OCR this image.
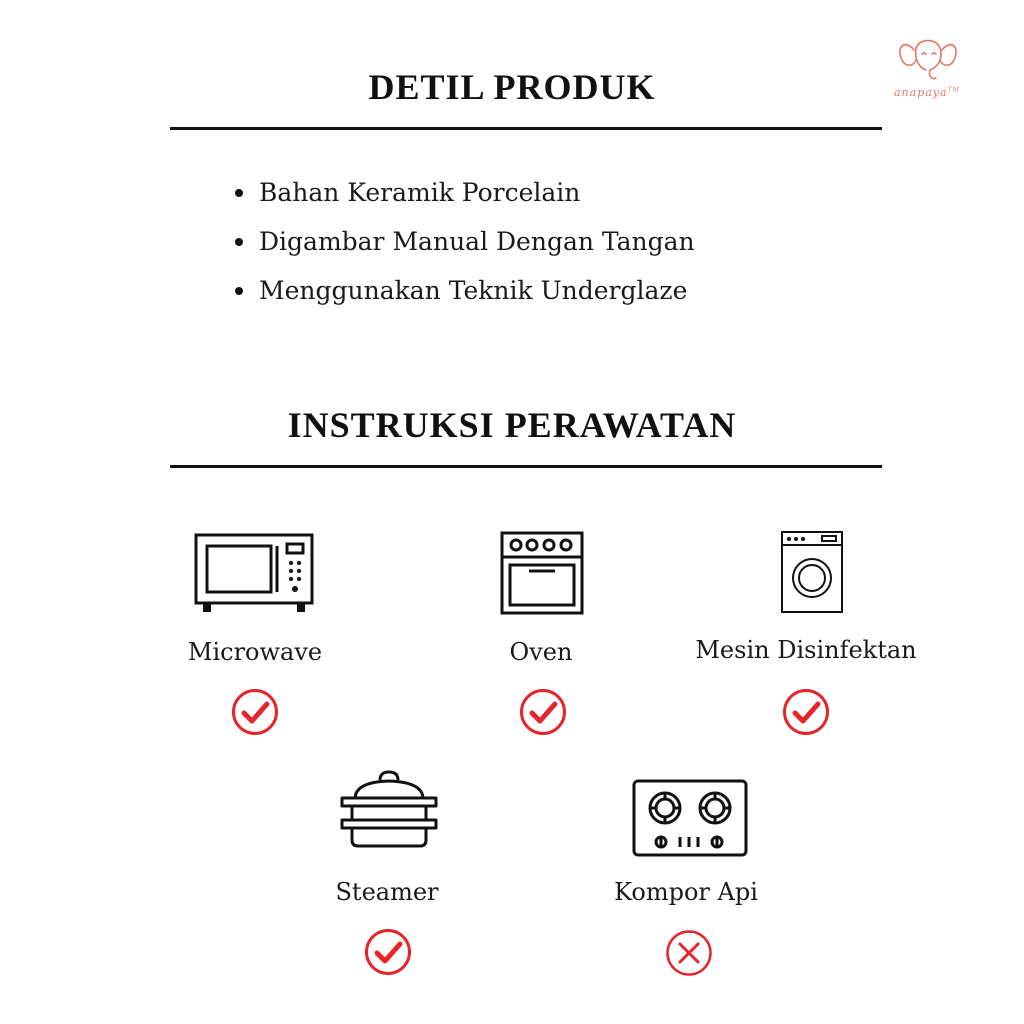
anapaya™
DETIL PRODUK
Bahan Keramik Porcelain
Digambar Manual Dengan Tangan
Menggunakan Teknik Underglaze
INSTRUKSI PERAWATAN
Microwave	Oven	Mesin Disinfektan
Steamer	Kompor Api
